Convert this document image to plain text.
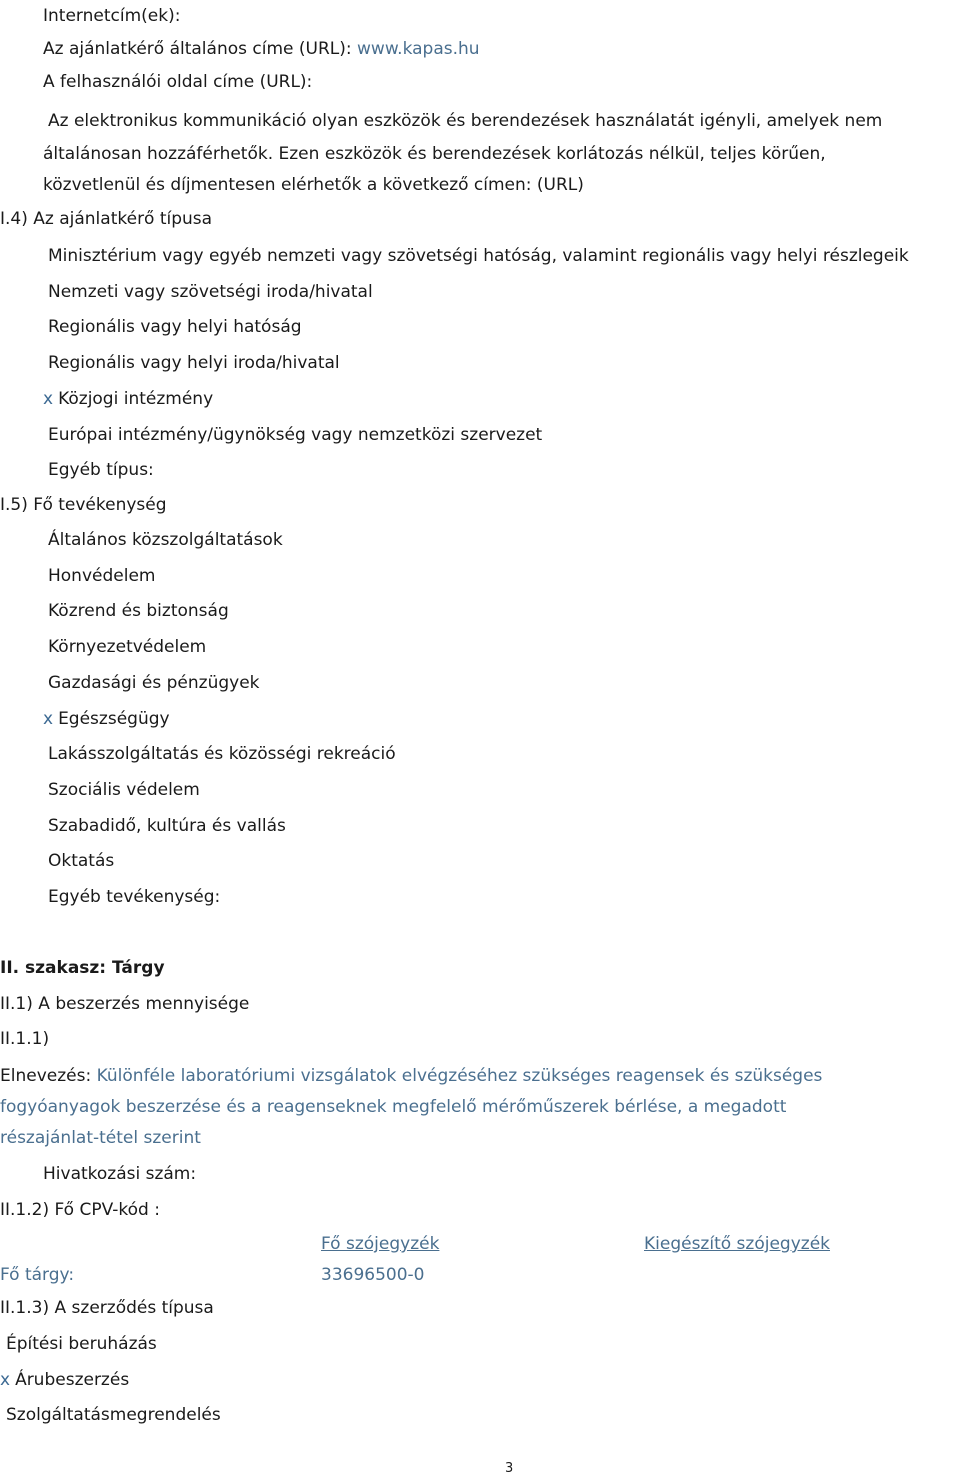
Internetcím(ek):
Az ajánlatkérő általános címe (URL): www.kapas.hu
A felhasználói oldal címe (URL):
Az elektronikus kommunikáció olyan eszközök és berendezések használatát igényli, amelyek nem
általánosan hozzáférhetők. Ezen eszközök és berendezések korlátozás nélkül, teljes körűen,
közvetlenül és díjmentesen elérhetők a következő címen: (URL)
I.4) Az ajánlatkérő típusa
Minisztérium vagy egyéb nemzeti vagy szövetségi hatóság, valamint regionális vagy helyi részlegeik
Nemzeti vagy szövetségi iroda/hivatal
Regionális vagy helyi hatóság
Regionális vagy helyi iroda/hivatal
x Közjogi intézmény
Európai intézmény/ügynökség vagy nemzetközi szervezet
Egyéb típus:
I.5) Fő tevékenység
Általános közszolgáltatások
Honvédelem
Közrend és biztonság
Környezetvédelem
Gazdasági és pénzügyek
x Egészségügy
Lakásszolgáltatás és közösségi rekreáció
Szociális védelem
Szabadidő, kultúra és vallás
Oktatás
Egyéb tevékenység:
II. szakasz: Tárgy
II.1) A beszerzés mennyisége
II.1.1)
Elnevezés: Különféle laboratóriumi vizsgálatok elvégzéséhez szükséges reagensek és szükséges
fogyóanyagok beszerzése és a reagenseknek megfelelő mérőműszerek bérlése, a megadott
részajánlat-tétel szerint
Hivatkozási szám:
II.1.2) Fő CPV-kód :
Fő szójegyzék	Kiegészítő szójegyzék
Fő tárgy:	33696500-0
II.1.3) A szerződés típusa
Építési beruházás
x Árubeszerzés
Szolgáltatásmegrendelés
3
